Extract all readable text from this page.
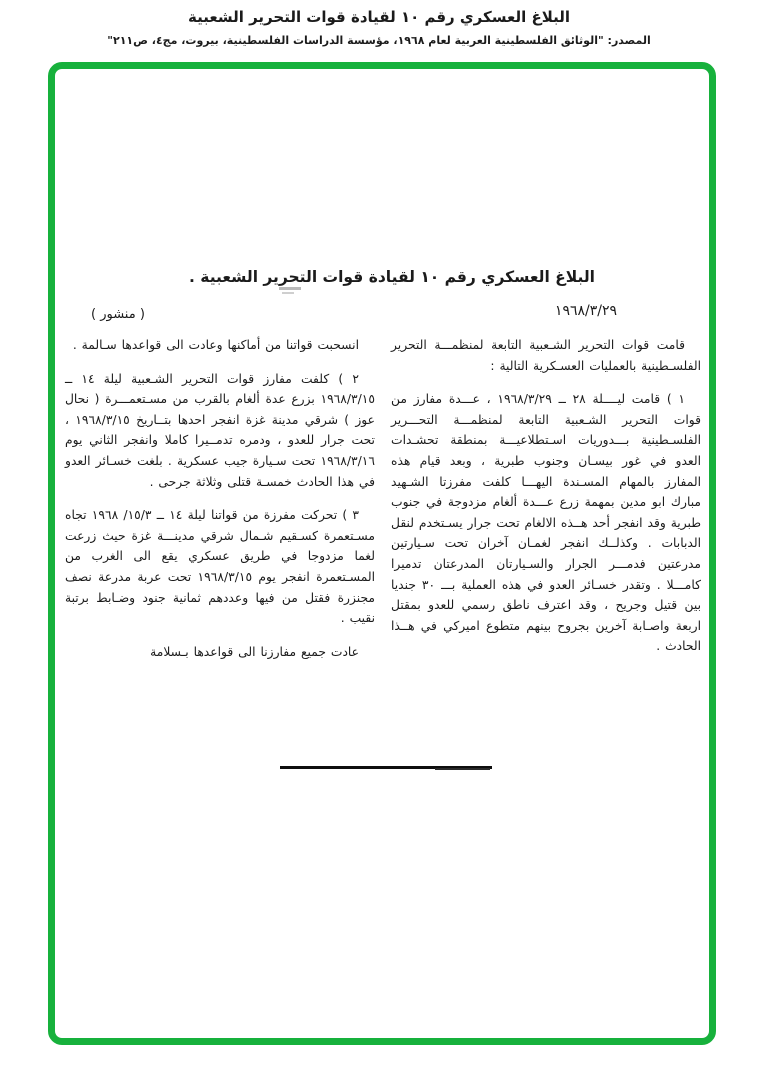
البلاغ العسكري رقم ١٠ لقيادة قوات التحرير الشعبية
المصدر: "الوثائق الفلسطينية العربية لعام ١٩٦٨، مؤسسة الدراسات الفلسطينية، بيروت، مج٤، ص٢١١"
البلاغ العسكري رقم ١٠ لقيادة قوات التحرير الشعبية .
١٩٦٨/٣/٢٩
( منشور )

قامت قوات التحرير الشـعبية التابعة لمنظمـــة التحرير الفلسـطينية بالعمليات العسـكرية التالية :

١ ) قامت ليــــلة ٢٨ ــ ١٩٦٨/٣/٢٩ ، عـــدة مفارز من قوات التحرير الشـعبية التابعة لمنظمـــة التحـــرير الفلسـطينية بـــدوريات اسـتطلاعيـــة بمنطقة تحشـدات العدو في غور بيسـان وجنوب طبرية ، وبعد قيام هذه المفارز بالمهام المسـندة اليهـــا كلفت مفرزتا الشـهيد مبارك ابو مدين بمهمة زرع عـــدة ألغام مزدوجة في جنوب طبرية وقد انفجر أحد هــذه الالغام تحت جرار يسـتخدم لنقل الدبابات . وكذلــك انفجر لغمـان آخران تحت سـيارتين مدرعتين فدمـــر الجرار والسـيارتان المدرعتان تدميرا كامـــلا . وتقدر خسـائر العدو في هذه العملية بـــ ٣٠ جنديا بين قتيل وجريح ، وقد اعترف ناطق رسمي للعدو بمقتل اربعة واصـابة آخرين بجروح بينهم متطوع اميركي في هــذا الحادث .

انسحبت قواتنا من أماكنها وعادت الى قواعدها سـالمة .

٢ ) كلفت مفارز قوات التحرير الشـعبية ليلة ١٤ ــ ١٩٦٨/٣/١٥ بزرع عدة ألغام بالقرب من مسـتعمـــرة ( نحال عوز ) شرقي مدينة غزة انفجر احدها بتــاريخ ١٩٦٨/٣/١٥ ، تحت جرار للعدو ، ودمره تدمــيرا كاملا وانفجر الثاني يوم ١٩٦٨/٣/١٦ تحت سـيارة جيب عسكرية . بلغت خسـائر العدو في هذا الحادث خمسـة قتلى وثلاثة جرحى .

٣ ) تحركت مفرزة من قواتنا ليلة ١٤ ــ ١٥/٣/ ١٩٦٨ تجاه مسـتعمرة كسـقيم شـمال شرقي مدينـــة غزة حيث زرعت لغما مزدوجا في طريق عسكري يقع الى الغرب من المسـتعمرة انفجر يوم ١٩٦٨/٣/١٥ تحت عربة مدرعة نصف مجنزرة فقتل من فيها وعددهم ثمانية جنود وضـابط برتبة نقيب .

عادت جميع مفارزنا الى قواعدها بـسلامة
